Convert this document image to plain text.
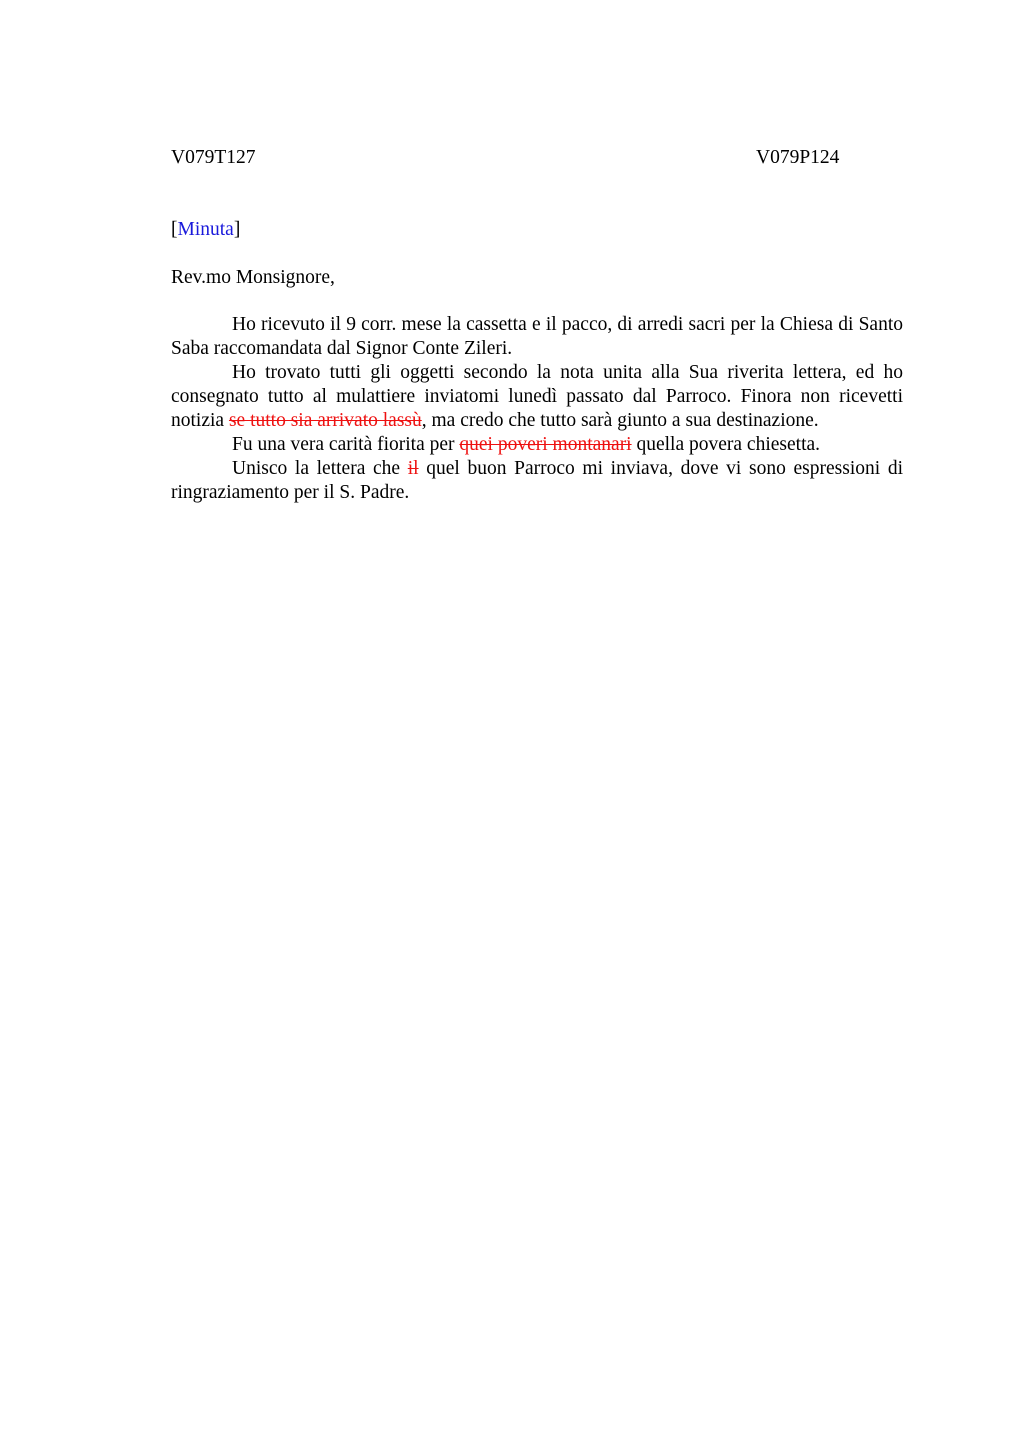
V079T127	V079P124
[Minuta]
Rev.mo Monsignore,

Ho ricevuto il 9 corr. mese la cassetta e il pacco, di arredi sacri per la Chiesa di Santo Saba raccomandata dal Signor Conte Zileri.

Ho trovato tutti gli oggetti secondo la nota unita alla Sua riverita lettera, ed ho consegnato tutto al mulattiere inviatomi lunedì passato dal Parroco. Finora non ricevetti notizia se tutto sia arrivato lassù, ma credo che tutto sarà giunto a sua destinazione.

Fu una vera carità fiorita per quei poveri montanari quella povera chiesetta.

Unisco la lettera che il quel buon Parroco mi inviava, dove vi sono espressioni di ringraziamento per il S. Padre.
